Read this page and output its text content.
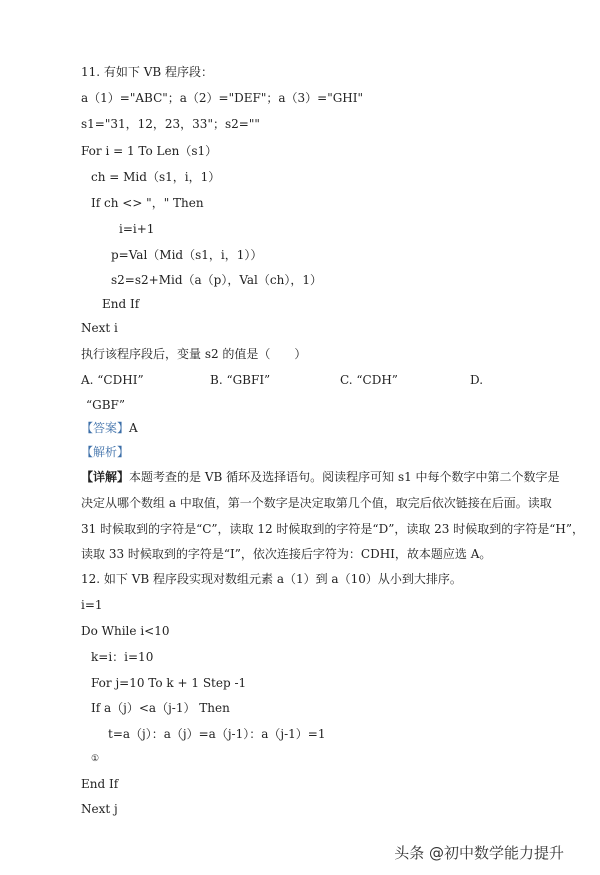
11. 有如下 VB 程序段：
a（1）="ABC"；a（2）="DEF"；a（3）="GHI"
s1="31，12，23，33"；s2=""
For i = 1 To Len（s1）
ch = Mid（s1，i，1）
If ch <> "，" Then
i=i+1
p=Val（Mid（s1，i，1））
s2=s2+Mid（a（p），Val（ch），1）
End If
Next i
执行该程序段后，变量 s2 的值是（　　）
A. “CDHI”	B. “GBFI”	C. “CDH”	D.
“GBF”
【答案】A
【解析】
【详解】本题考查的是 VB 循环及选择语句。阅读程序可知 s1 中每个数字中第二个数字是
决定从哪个数组 a 中取值，第一个数字是决定取第几个值，取完后依次链接在后面。读取
31 时候取到的字符是“C”，读取 12 时候取到的字符是“D”，读取 23 时候取到的字符是“H”，
读取 33 时候取到的字符是“I”，依次连接后字符为：CDHI，故本题应选 A。
12. 如下 VB 程序段实现对数组元素 a（1）到 a（10）从小到大排序。
i=1
Do While i<10
k=i：i=10
For j=10 To k + 1 Step -1
If a（j）<a（j-1） Then
t=a（j）：a（j）=a（j-1）：a（j-1）=1
①
End If
Next j
头条 @初中数学能力提升
